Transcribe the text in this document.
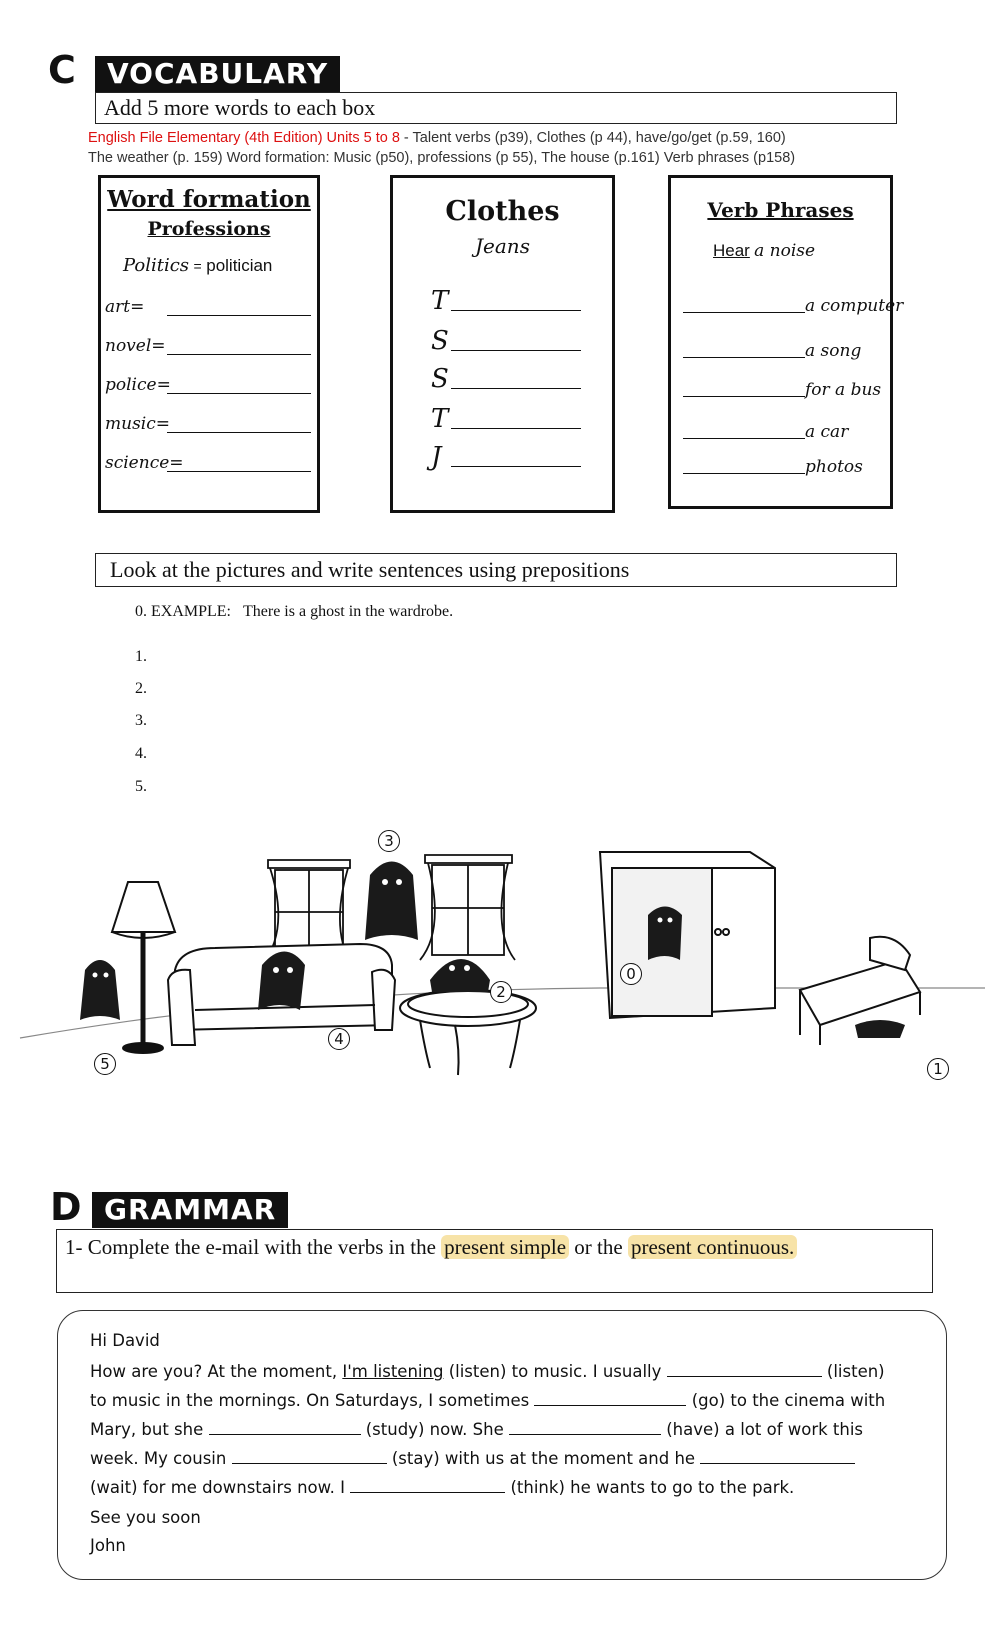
C	VOCABULARY
Add 5 more words to each box
English File Elementary (4th Edition) Units 5 to 8 - Talent verbs (p39), Clothes (p 44), have/go/get (p.59, 160)
The weather (p. 159) Word formation: Music (p50), professions (p 55), The house (p.161) Verb phrases (p158)
Word formation
Professions
Politics = politician
art=
novel=
police=
music=
science=
Clothes
Jeans
T
S
S
T
J
Verb Phrases
Hear a noise
a computer
a song
for a bus
a car
photos
Look at the pictures and write sentences using prepositions
0. EXAMPLE: There is a ghost in the wardrobe.
1.
2.
3.
4.
5.
0
1
2
3
4
5
D GRAMMAR
1- Complete the e-mail with the verbs in the present simple or the present continuous.
Hi David
How are you? At the moment, I'm listening (listen) to music. I usually	(listen)
to music in the mornings. On Saturdays, I sometimes	(go) to the cinema with
Mary, but she	(study) now. She	(have) a lot of work this
week. My cousin	(stay) with us at the moment and he
(wait) for me downstairs now. I	(think) he wants to go to the park.
See you soon
John
